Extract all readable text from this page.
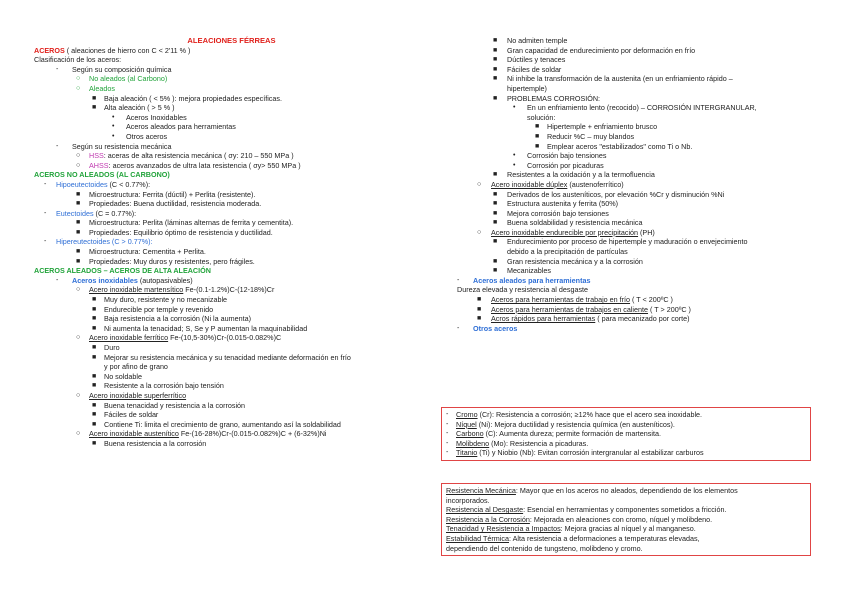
ALEACIONES FÉRREAS
ACEROS ( aleaciones de hierro con C < 2'11 % )
Clasificación de los aceros:
- Según su composición química
○ No aleados (al Carbono)
○ Aleados
■ Baja aleación ( < 5% ): mejora propiedades específicas.
■ Alta aleación ( > 5 % )
• Aceros Inoxidables
• Aceros aleados para herramientas
• Otros aceros
- Según su resistencia mecánica
○ HSS: aceras de alta resistencia mecánica ( σy: 210 – 550 MPa )
○ AHSS: aceros avanzados de ultra lata resistencia ( σy> 550 MPa )
ACEROS NO ALEADOS (AL CARBONO)
- Hipoeutectoides (C < 0.77%):
■ Microestructura: Ferrita (dúctil) + Perlita (resistente).
■ Propiedades: Buena ductilidad, resistencia moderada.
- Eutectoides (C = 0.77%):
■ Microestructura: Perlita (láminas alternas de ferrita y cementita).
■ Propiedades: Equilibrio óptimo de resistencia y ductilidad.
- Hipereutectoides (C > 0.77%):
■ Microestructura: Cementita + Perlita.
■ Propiedades: Muy duros y resistentes, pero frágiles.
ACEROS ALEADOS – ACEROS DE ALTA ALEACIÓN
- Aceros inoxidables (autopasivables)
○ Acero inoxidable martensítico Fe-(0.1-1.2%)C-(12-18%)Cr
■ Muy duro, resistente y no mecanizable
■ Endurecible por temple y revenido
■ Baja resistencia a la corrosión (Ni la aumenta)
■ Ni aumenta la tenacidad; S, Se y P aumentan la maquinabilidad
○ Acero inoxidable ferrítico Fe-(10,5-30%)Cr-(0.015-0.082%)C
■ Duro
■ Mejorar su resistencia mecánica y su tenacidad mediante deformación en frío
y por afino de grano
■ No soldable
■ Resistente a la corrosión bajo tensión
○ Acero inoxidable superferrítico
■ Buena tenacidad y resistencia a la corrosión
■ Fáciles de soldar
■ Contiene Ti: limita el crecimiento de grano, aumentando así la soldabilidad
○ Acero inoxidable austenítico Fe-(16-28%)Cr-(0.015-0.082%)C + (6-32%)Ni
■ Buena resistencia a la corrosión
■ No admiten temple
■ Gran capacidad de endurecimiento por deformación en frío
■ Dúctiles y tenaces
■ Fáciles de soldar
■ Ni inhibe la transformación de la austenita (en un enfriamiento rápido –
hipertemple)
■ PROBLEMAS CORROSIÓN:
• En un enfriamiento lento (recocido) – CORROSIÓN INTERGRANULAR,
solución:
■ Hipertemple + enfriamiento brusco
■ Reducir %C – muy blandos
■ Emplear aceros "estabilizados" como Ti o Nb.
• Corrosión bajo tensiones
• Corrosión por picaduras
■ Resistentes a la oxidación y a la termofluencia
○ Acero inoxidable dúplex (austenoferrítico)
■ Derivados de los austeníticos, por elevación %Cr y disminución %Ni
■ Estructura austenita y ferrita (50%)
■ Mejora corrosión bajo tensiones
■ Buena soldabilidad y resistencia mecánica
○ Acero inoxidable endurecible por precipitación (PH)
■ Endurecimiento por proceso de hipertemple y maduración o envejecimiento
debido a la precipitación de partículas
■ Gran resistencia mecánica y a la corrosión
■ Mecanizables
- Aceros aleados para herramientas
Dureza elevada y resistencia al desgaste
■ Aceros para herramientas de trabajo en frío ( T < 200ºC )
■ Aceros para herramientas de trabajos en caliente ( T > 200ºC )
■ Acros rápidos para herramientas ( para mecanizado por corte)
- Otros aceros
- Cromo (Cr): Resistencia a corrosión; ≥12% hace que el acero sea inoxidable.
- Níquel (Ni): Mejora ductilidad y resistencia química (en austeníticos).
- Carbono (C): Aumenta dureza; permite formación de martensita.
- Molibdeno (Mo): Resistencia a picaduras.
- Titanio (Ti) y Niobio (Nb): Evitan corrosión intergranular al estabilizar carburos
Resistencia Mecánica: Mayor que en los aceros no aleados, dependiendo de los elementos
incorporados.
Resistencia al Desgaste: Esencial en herramientas y componentes sometidos a fricción.
Resistencia a la Corrosión: Mejorada en aleaciones con cromo, níquel y molibdeno.
Tenacidad y Resistencia a Impactos: Mejora gracias al níquel y al manganeso.
Estabilidad Térmica: Alta resistencia a deformaciones a temperaturas elevadas,
dependiendo del contenido de tungsteno, molibdeno y cromo.
